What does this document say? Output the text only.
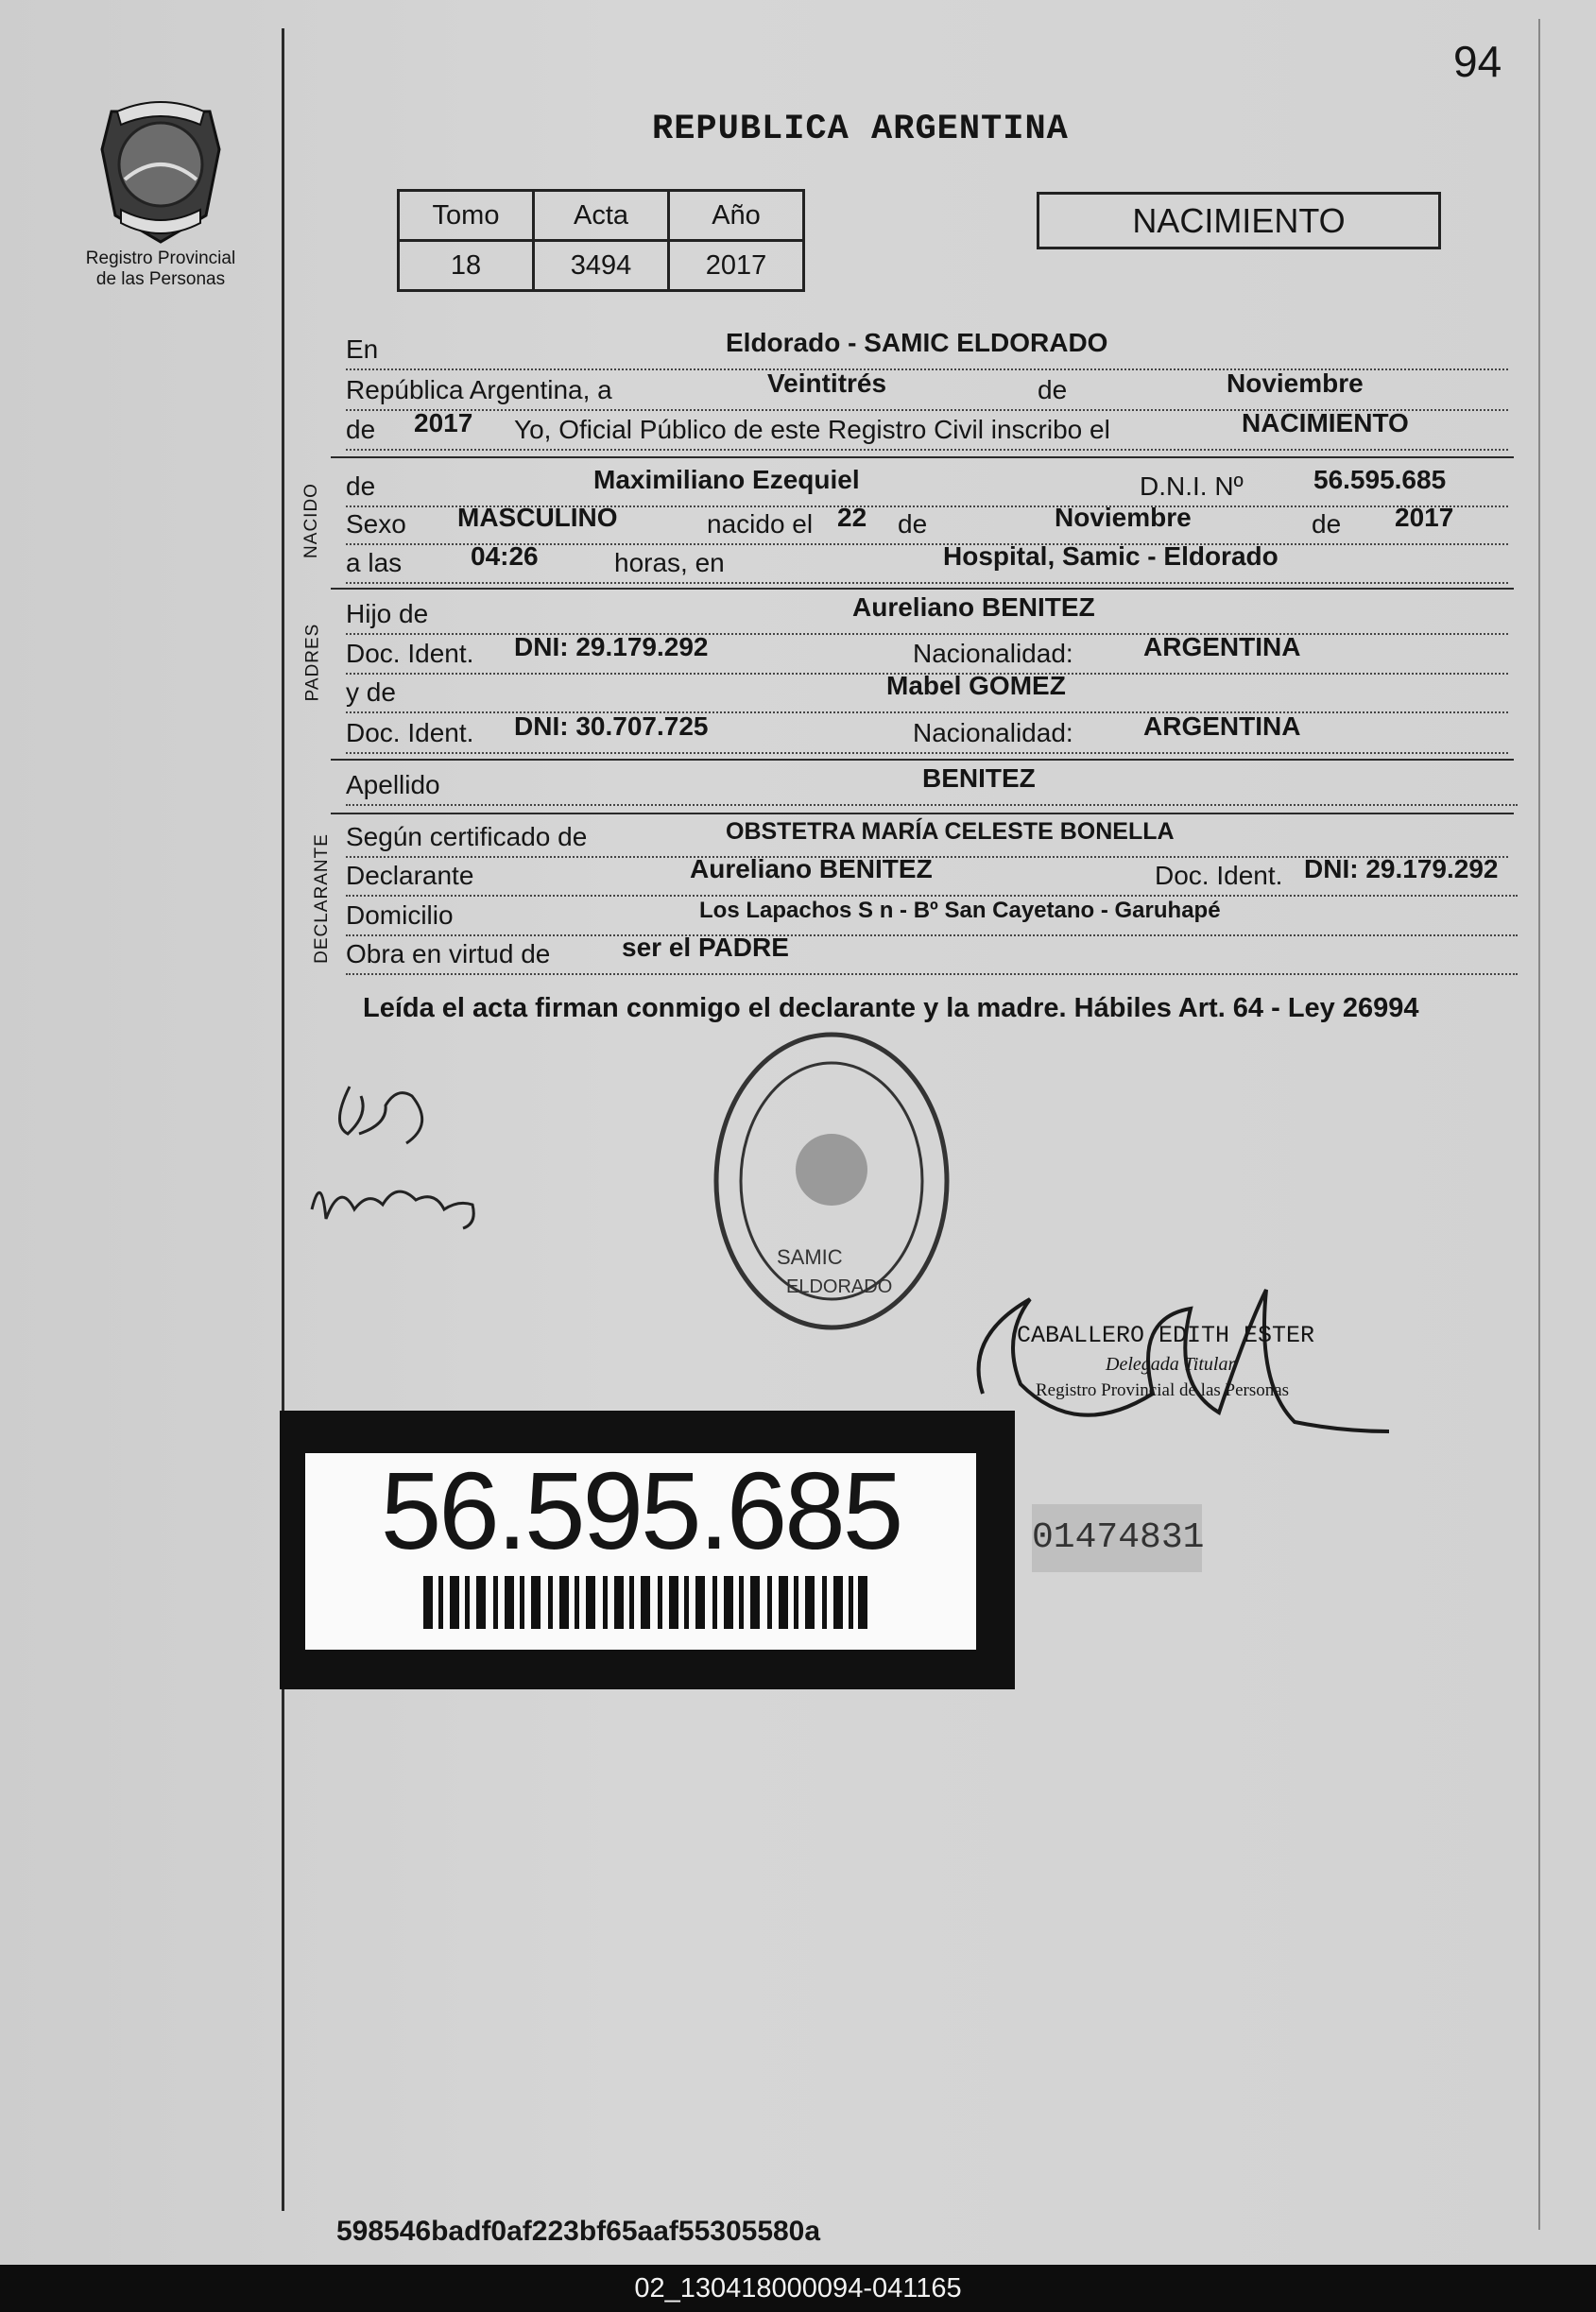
94
Registro Provincial
de las Personas
REPUBLICA ARGENTINA
Tomo	Acta	Año
18	3494	2017
NACIMIENTO
En	Eldorado - SAMIC ELDORADO
República Argentina, a	Veintitrés	de	Noviembre
de 2017 Yo, Oficial Público de este Registro Civil inscribo el	NACIMIENTO
NACIDO de	Maximiliano Ezequiel	D.N.I. Nº	56.595.685
Sexo MASCULINO	nacido el 22 de	Noviembre	de 2017
a las	04:26	horas, en	Hospital, Samic - Eldorado
PADRES
Hijo de	Aureliano BENITEZ
Doc. Ident. DNI: 29.179.292	Nacionalidad:	ARGENTINA
y de	Mabel GOMEZ
Doc. Ident. DNI: 30.707.725	Nacionalidad:	ARGENTINA
Apellido	BENITEZ
DECLARANTE Según certificado de	OBSTETRA MARÍA CELESTE BONELLA
Declarante	Aureliano BENITEZ	Doc. Ident. DNI: 29.179.292
Domicilio	Los Lapachos S n - Bº San Cayetano - Garuhapé
Obra en virtud de	ser el PADRE
Leída el acta firman conmigo el declarante y la madre. Hábiles Art. 64 - Ley 26994
SAMIC
ELDORADO
CABALLERO EDITH ESTER
Delegada Titular
Registro Provincial de las Personas
56.595.685	01474831
598546badf0af223bf65aaf55305580a
02_130418000094-041165
